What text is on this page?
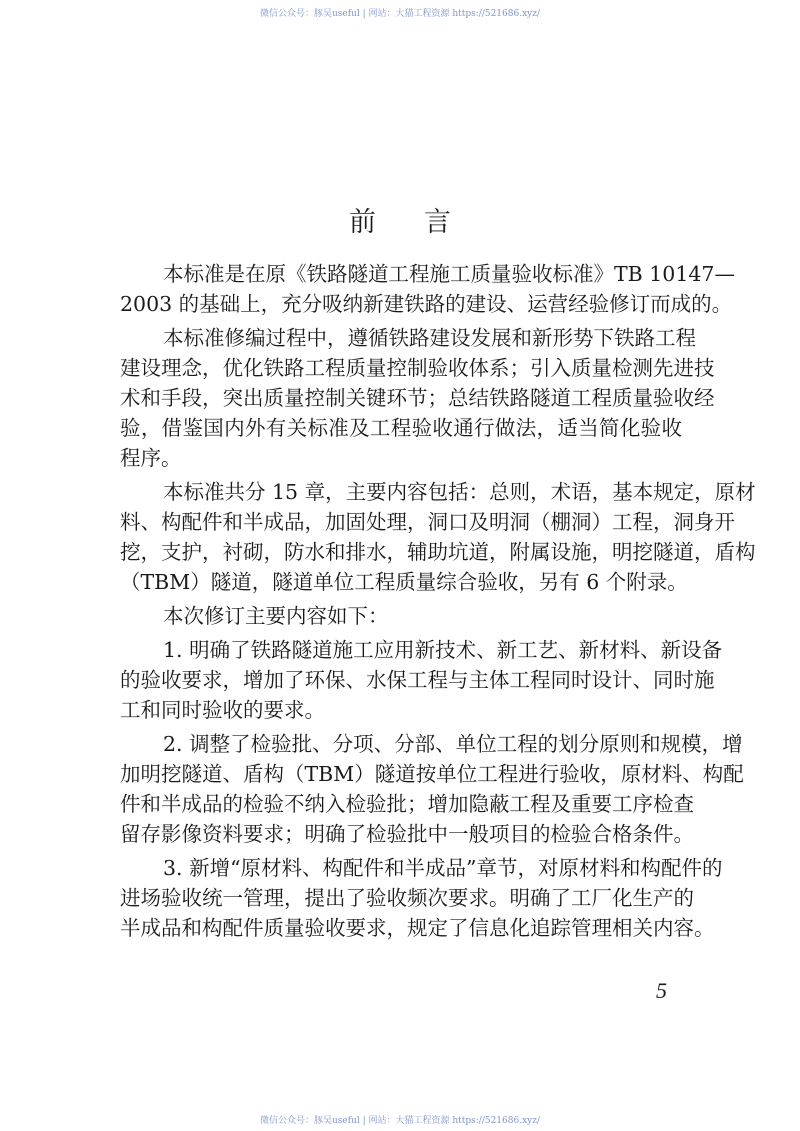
微信公众号：豚吴useful | 网站：大猫工程资源 https://521686.xyz/
前言
本标准是在原《铁路隧道工程施工质量验收标准》TB 10147—
2003 的基础上，充分吸纳新建铁路的建设、运营经验修订而成的。
本标准修编过程中，遵循铁路建设发展和新形势下铁路工程
建设理念，优化铁路工程质量控制验收体系；引入质量检测先进技
术和手段，突出质量控制关键环节；总结铁路隧道工程质量验收经
验，借鉴国内外有关标准及工程验收通行做法，适当简化验收
程序。
本标准共分 15 章，主要内容包括：总则，术语，基本规定，原材
料、构配件和半成品，加固处理，洞口及明洞（棚洞）工程，洞身开
挖，支护，衬砌，防水和排水，辅助坑道，附属设施，明挖隧道，盾构
（TBM）隧道，隧道单位工程质量综合验收，另有 6 个附录。
本次修订主要内容如下：
1. 明确了铁路隧道施工应用新技术、新工艺、新材料、新设备
的验收要求，增加了环保、水保工程与主体工程同时设计、同时施
工和同时验收的要求。
2. 调整了检验批、分项、分部、单位工程的划分原则和规模，增
加明挖隧道、盾构（TBM）隧道按单位工程进行验收，原材料、构配
件和半成品的检验不纳入检验批；增加隐蔽工程及重要工序检查
留存影像资料要求；明确了检验批中一般项目的检验合格条件。
3. 新增“原材料、构配件和半成品”章节，对原材料和构配件的
进场验收统一管理，提出了验收频次要求。明确了工厂化生产的
半成品和构配件质量验收要求，规定了信息化追踪管理相关内容。
5
微信公众号：豚吴useful | 网站：大猫工程资源 https://521686.xyz/
